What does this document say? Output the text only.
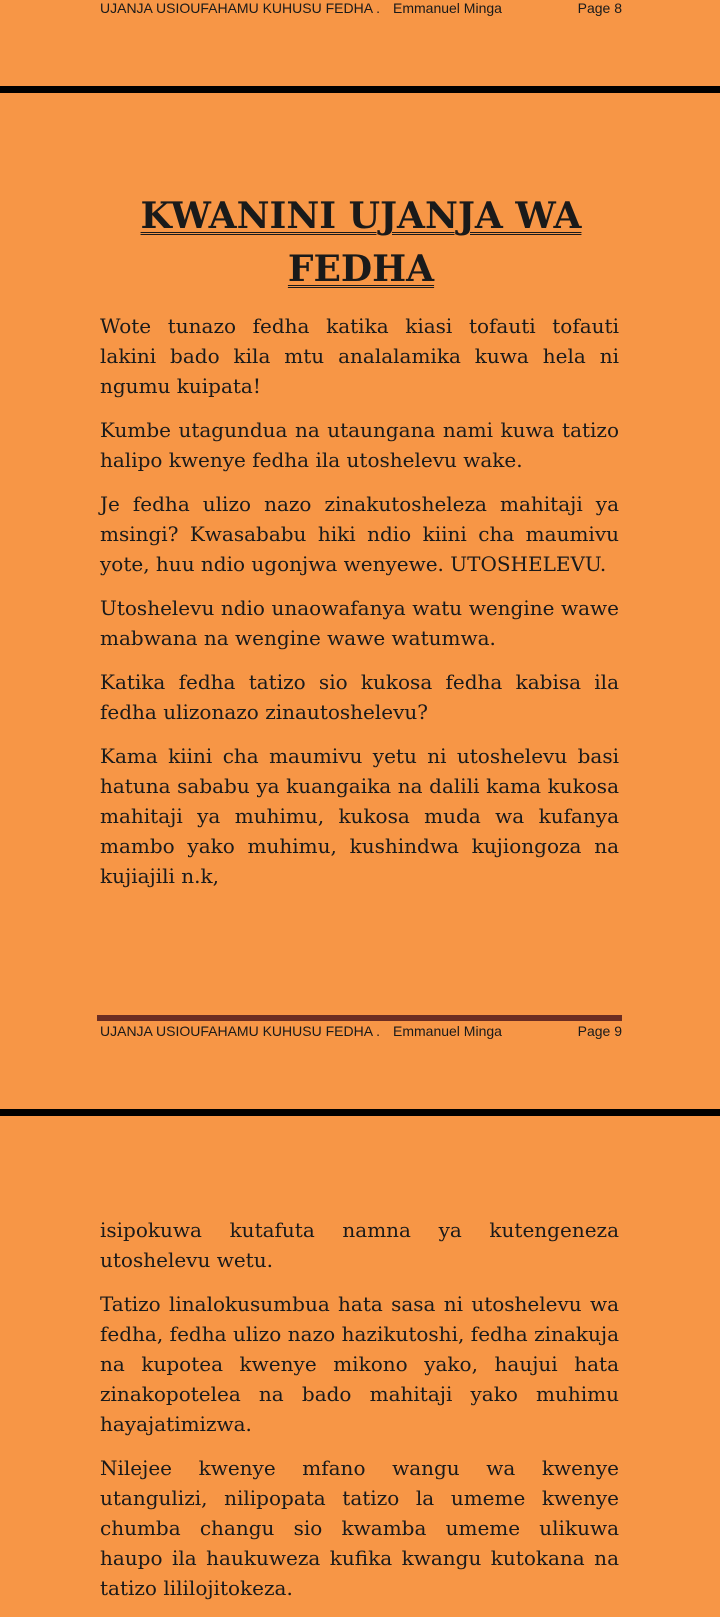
UJANJA USIOUFAHAMU KUHUSU FEDHA . Emmanuel Minga	Page 8
KWANINI UJANJA WA FEDHA

Wote tunazo fedha katika kiasi tofauti tofauti lakini bado kila mtu analalamika kuwa hela ni ngumu kuipata!

Kumbe utagundua na utaungana nami kuwa tatizo halipo kwenye fedha ila utoshelevu wake.

Je fedha ulizo nazo zinakutosheleza mahitaji ya msingi? Kwasababu hiki ndio kiini cha maumivu yote, huu ndio ugonjwa wenyewe. UTOSHELEVU.

Utoshelevu ndio unaowafanya watu wengine wawe mabwana na wengine wawe watumwa.

Katika fedha tatizo sio kukosa fedha kabisa ila fedha ulizonazo zinautoshelevu?

Kama kiini cha maumivu yetu ni utoshelevu basi hatuna sababu ya kuangaika na dalili kama kukosa mahitaji ya muhimu, kukosa muda wa kufanya mambo yako muhimu, kushindwa kujiongoza na kujiajili n.k,

UJANJA USIOUFAHAMU KUHUSU FEDHA . Emmanuel Minga	Page 9

isipokuwa kutafuta namna ya kutengeneza utoshelevu wetu.

Tatizo linalokusumbua hata sasa ni utoshelevu wa fedha, fedha ulizo nazo hazikutoshi, fedha zinakuja na kupotea kwenye mikono yako, haujui hata zinakopotelea na bado mahitaji yako muhimu hayajatimizwa.

Nilejee kwenye mfano wangu wa kwenye utangulizi, nilipopata tatizo la umeme kwenye chumba changu sio kwamba umeme ulikuwa haupo ila haukuweza kufika kwangu kutokana na tatizo lililojitokeza.
